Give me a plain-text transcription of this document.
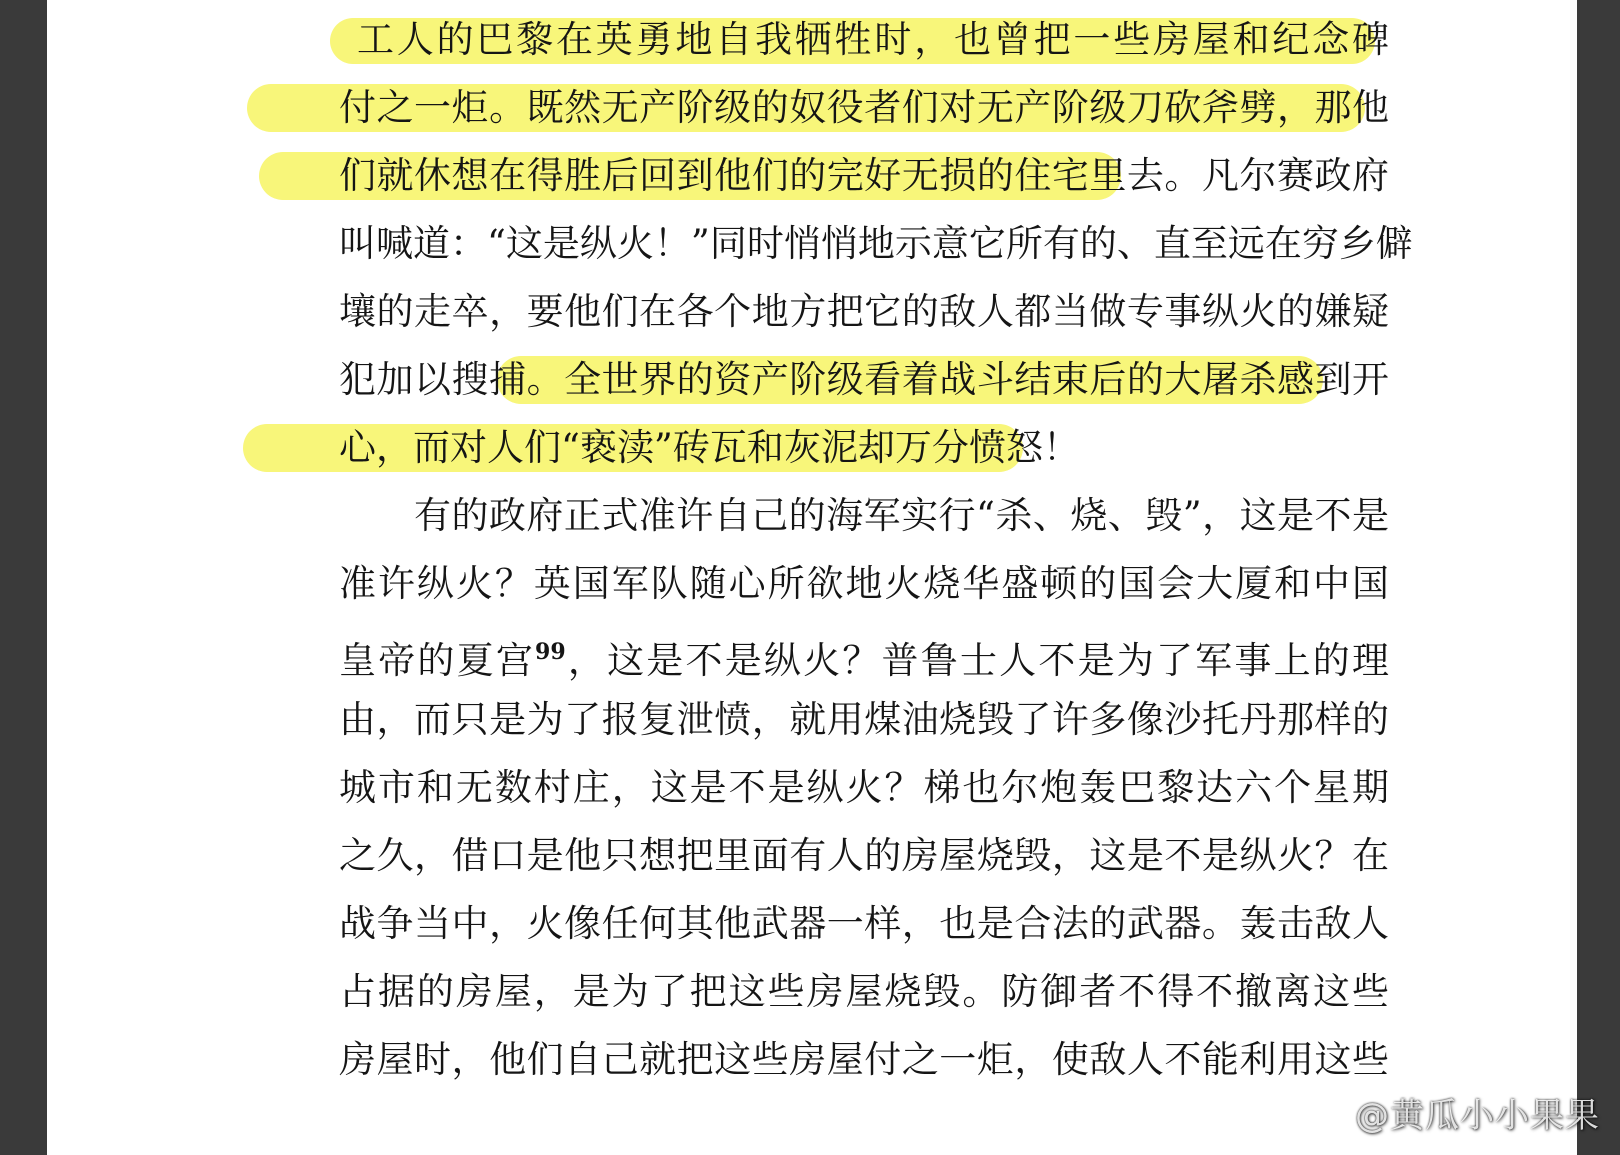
工人的巴黎在英勇地自我牺牲时，也曾把一些房屋和纪念碑
付之一炬。既然无产阶级的奴役者们对无产阶级刀砍斧劈，那他
们就休想在得胜后回到他们的完好无损的住宅里去。凡尔赛政府
叫喊道：“这是纵火！”同时悄悄地示意它所有的、直至远在穷乡僻
壤的走卒，要他们在各个地方把它的敌人都当做专事纵火的嫌疑
犯加以搜捕。全世界的资产阶级看着战斗结束后的大屠杀感到开
心，而对人们“亵渎”砖瓦和灰泥却万分愤怒！
有的政府正式准许自己的海军实行“杀、烧、毁”，这是不是
准许纵火？英国军队随心所欲地火烧华盛顿的国会大厦和中国
皇帝的夏宫$^{99}$，这是不是纵火？普鲁士人不是为了军事上的理
由，而只是为了报复泄愤，就用煤油烧毁了许多像沙托丹那样的
城市和无数村庄，这是不是纵火？梯也尔炮轰巴黎达六个星期
之久，借口是他只想把里面有人的房屋烧毁，这是不是纵火？在
战争当中，火像任何其他武器一样，也是合法的武器。轰击敌人
占据的房屋，是为了把这些房屋烧毁。防御者不得不撤离这些
房屋时，他们自己就把这些房屋付之一炬，使敌人不能利用这些
@黄瓜小小果果
